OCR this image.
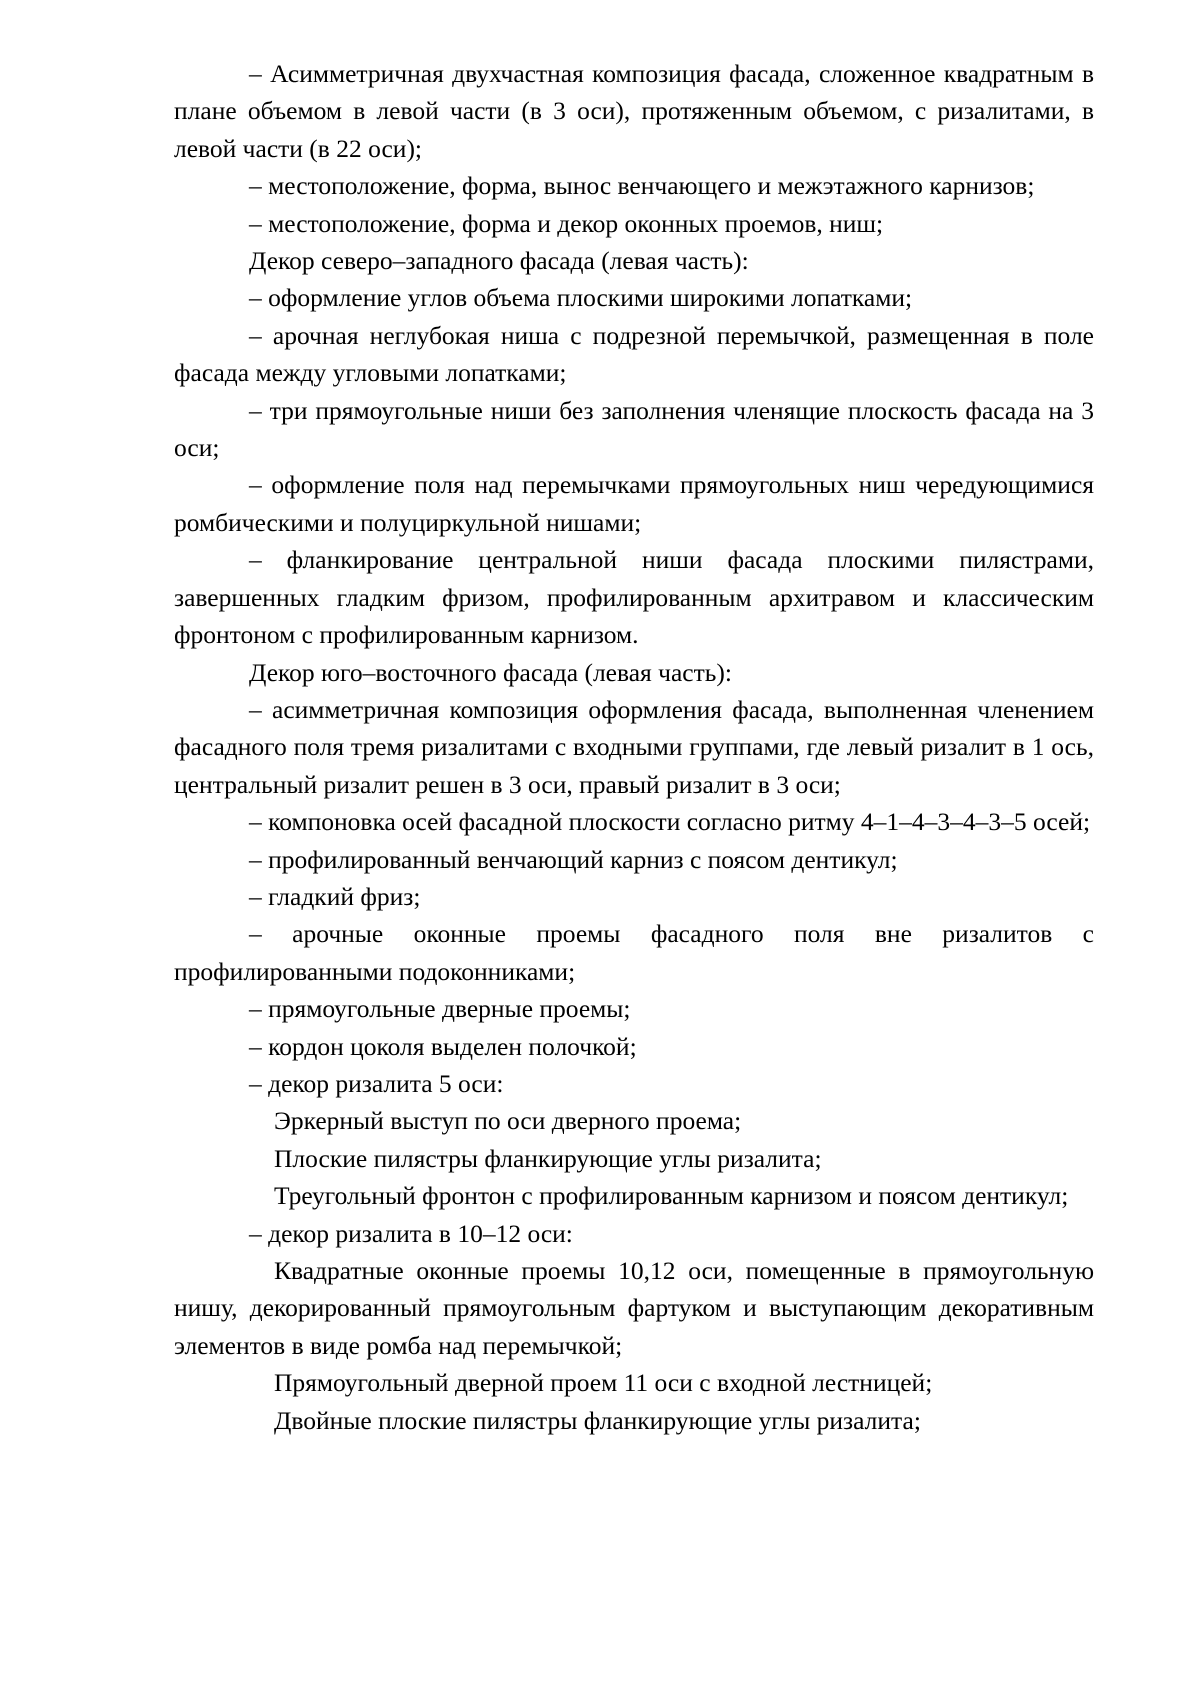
– Асимметричная двухчастная композиция фасада, сложенное квадратным в плане объемом в левой части (в 3 оси), протяженным объемом, с ризалитами, в левой части (в 22 оси);

– местоположение, форма, вынос венчающего и межэтажного карнизов;

– местоположение, форма и декор оконных проемов, ниш;

Декор северо–западного фасада (левая часть):

– оформление углов объема плоскими широкими лопатками;

– арочная неглубокая ниша с подрезной перемычкой, размещенная в поле фасада между угловыми лопатками;

– три прямоугольные ниши без заполнения членящие плоскость фасада на 3 оси;

– оформление поля над перемычками прямоугольных ниш чередующимися ромбическими и полуциркульной нишами;

– фланкирование центральной ниши фасада плоскими пилястрами, завершенных гладким фризом, профилированным архитравом и классическим фронтоном с профилированным карнизом.

Декор юго–восточного фасада (левая часть):

– асимметричная композиция оформления фасада, выполненная членением фасадного поля тремя ризалитами с входными группами, где левый ризалит в 1 ось, центральный ризалит решен в 3 оси, правый ризалит в 3 оси;

– компоновка осей фасадной плоскости согласно ритму 4–1–4–3–4–3–5 осей;

– профилированный венчающий карниз с поясом дентикул;

– гладкий фриз;

– арочные оконные проемы фасадного поля вне ризалитов с профилированными подоконниками;

– прямоугольные дверные проемы;

– кордон цоколя выделен полочкой;

– декор ризалита 5 оси:

Эркерный выступ по оси дверного проема;

Плоские пилястры фланкирующие углы ризалита;

Треугольный фронтон с профилированным карнизом и поясом дентикул;

– декор ризалита в 10–12 оси:

Квадратные оконные проемы 10,12 оси, помещенные в прямоугольную нишу, декорированный прямоугольным фартуком и выступающим декоративным элементов в виде ромба над перемычкой;

Прямоугольный дверной проем 11 оси с входной лестницей;

Двойные плоские пилястры фланкирующие углы ризалита;
